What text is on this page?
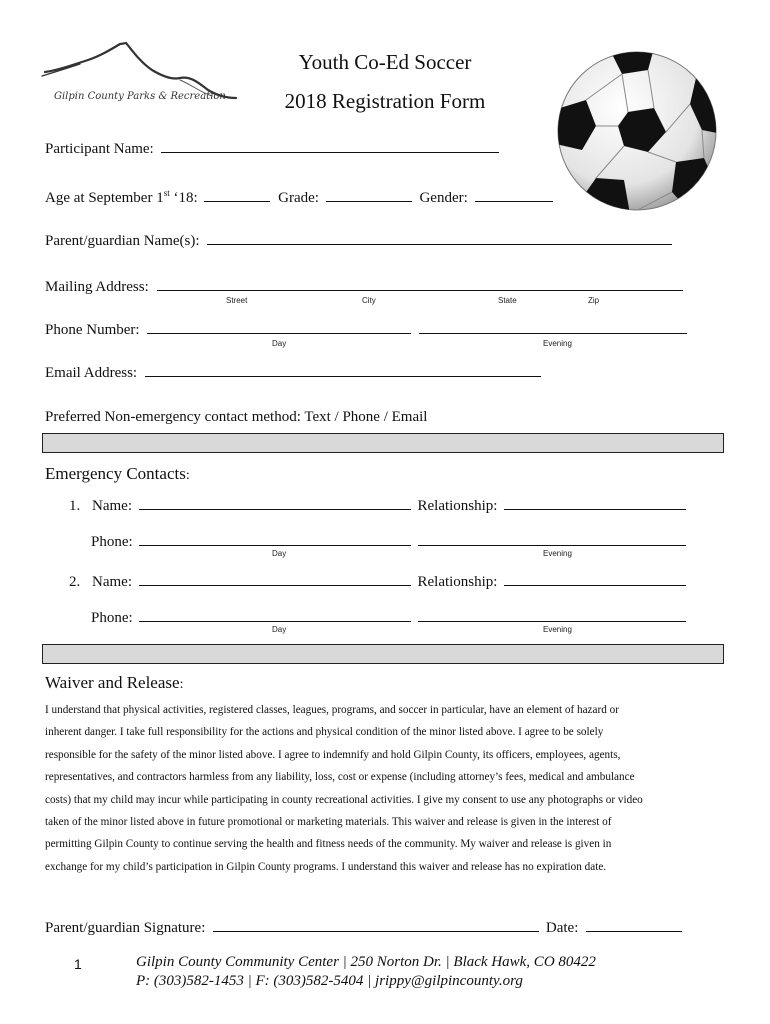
Gilpin County Parks & Recreation
Youth Co-Ed Soccer
2018 Registration Form
Participant Name:
Age at September 1st ‘18:	Grade:	Gender:
Parent/guardian Name(s):
Mailing Address:
Street	City	State	Zip
Phone Number:
Day	Evening
Email Address:
Preferred Non-emergency contact method: Text / Phone / Email
Emergency Contacts:
1. Name:	Relationship:
Phone:
Day	Evening
2. Name:	Relationship:
Phone:
Day	Evening
Waiver and Release:

I understand that physical activities, registered classes, leagues, programs, and soccer in particular, have an element of hazard or

inherent danger. I take full responsibility for the actions and physical condition of the minor listed above. I agree to be solely

responsible for the safety of the minor listed above. I agree to indemnify and hold Gilpin County, its officers, employees, agents,

representatives, and contractors harmless from any liability, loss, cost or expense (including attorney’s fees, medical and ambulance

costs) that my child may incur while participating in county recreational activities. I give my consent to use any photographs or video

taken of the minor listed above in future promotional or marketing materials. This waiver and release is given in the interest of

permitting Gilpin County to continue serving the health and fitness needs of the community. My waiver and release is given in

exchange for my child’s participation in Gilpin County programs. I understand this waiver and release has no expiration date.

Parent/guardian Signature:	Date:
1	Gilpin County Community Center | 250 Norton Dr. | Black Hawk, CO 80422
P: (303)582-1453 | F: (303)582-5404 | jrippy@gilpincounty.org
